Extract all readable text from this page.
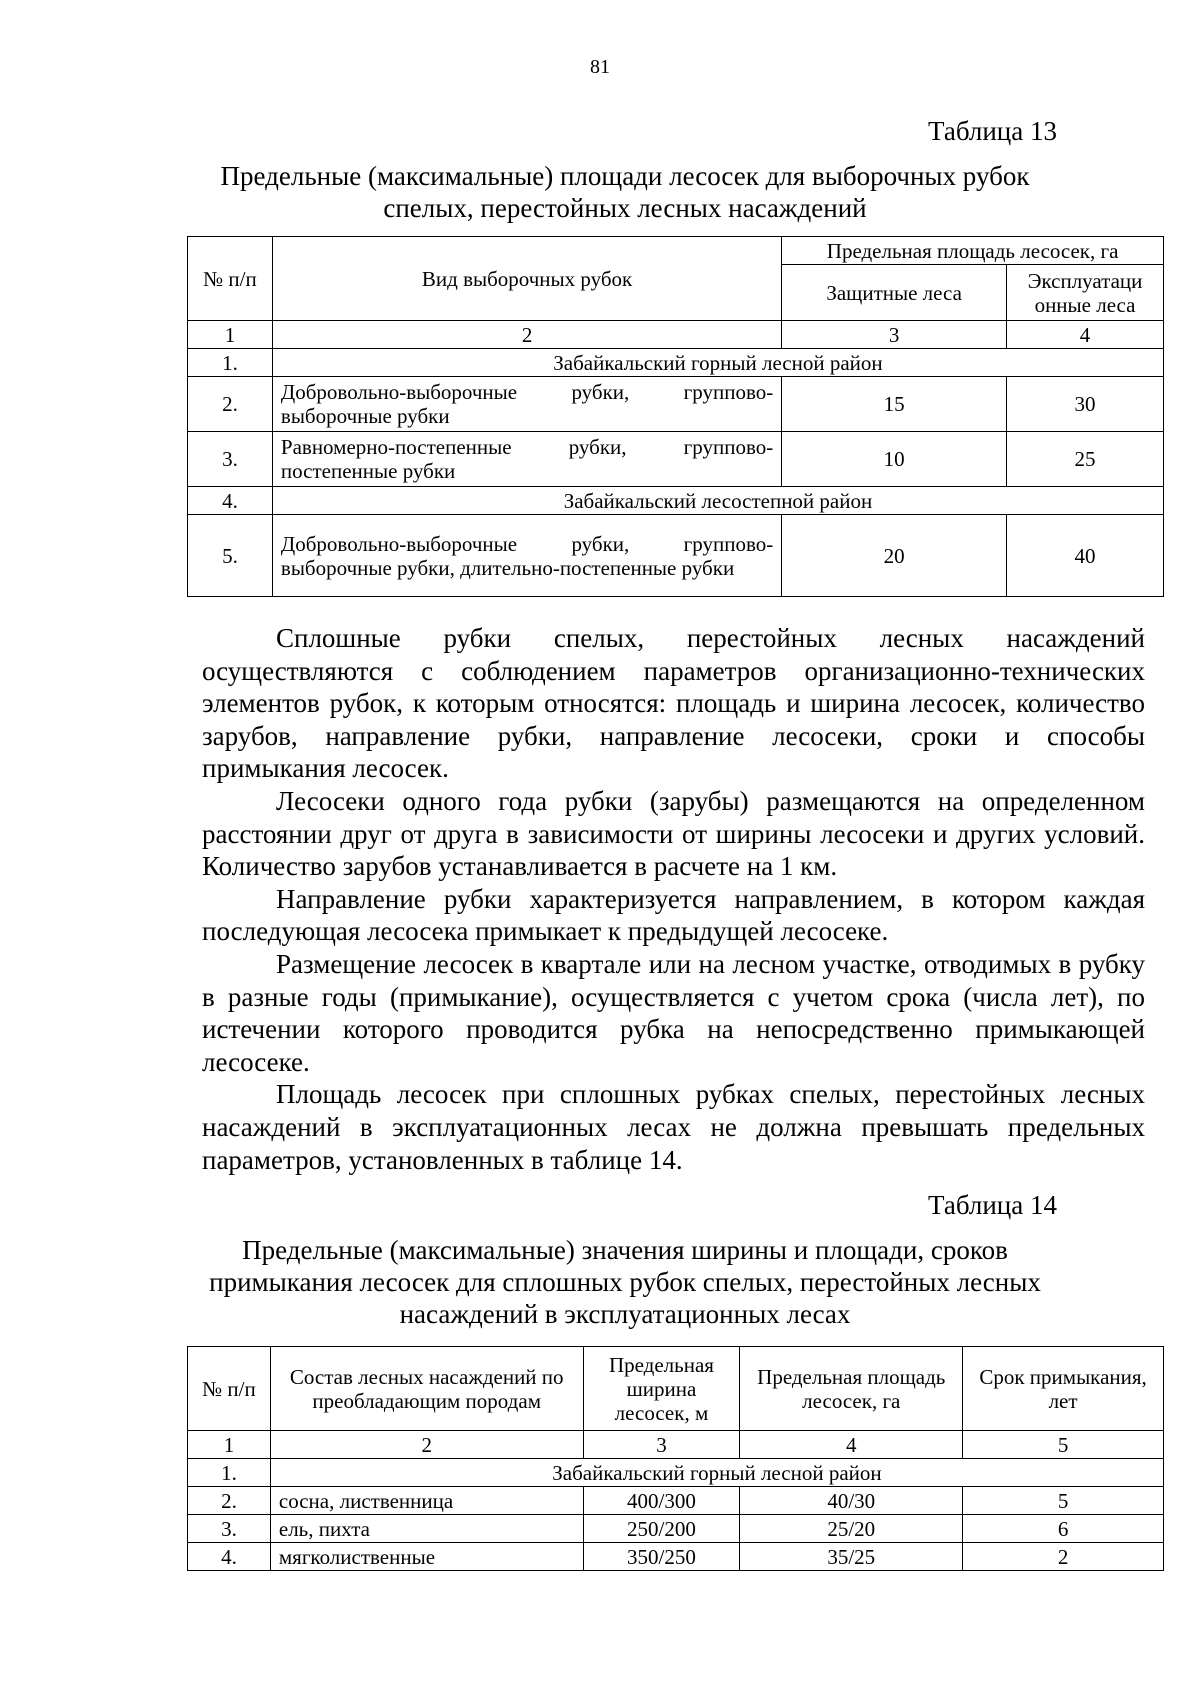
81
Таблица 13
Предельные (максимальные) площади лесосек для выборочных рубок
спелых, перестойных лесных насаждений
№ п/п	Вид выборочных рубок	Предельная площадь лесосек, га	
		Защитные леса	Эксплуатаци онные леса
1	2	3	4
1.	Забайкальский горный лесной район		
2.	Добровольно-выборочные рубки, группово-выборочные рубки	15	30
3.	Равномерно-постепенные рубки, группово-постепенные рубки	10	25
4.	Забайкальский лесостепной район		
5.	Добровольно-выборочные рубки, группово-выборочные рубки, длительно-постепенные рубки	20	40

Сплошные рубки спелых, перестойных лесных насаждений осуществляются с соблюдением параметров организационно-технических элементов рубок, к которым относятся: площадь и ширина лесосек, количество зарубов, направление рубки, направление лесосеки, сроки и способы примыкания лесосек.

Лесосеки одного года рубки (зарубы) размещаются на определенном расстоянии друг от друга в зависимости от ширины лесосеки и других условий. Количество зарубов устанавливается в расчете на 1 км.

Направление рубки характеризуется направлением, в котором каждая последующая лесосека примыкает к предыдущей лесосеке.

Размещение лесосек в квартале или на лесном участке, отводимых в рубку в разные годы (примыкание), осуществляется с учетом срока (числа лет), по истечении которого проводится рубка на непосредственно примыкающей лесосеке.

Площадь лесосек при сплошных рубках спелых, перестойных лесных насаждений в эксплуатационных лесах не должна превышать предельных параметров, установленных в таблице 14.

Таблица 14
Предельные (максимальные) значения ширины и площади, сроков
примыкания лесосек для сплошных рубок спелых, перестойных лесных
насаждений в эксплуатационных лесах
№ п/п	Состав лесных насаждений по преобладающим породам	Предельная ширина лесосек, м	Предельная площадь лесосек, га	Срок примыкания, лет
1	2	3	4	5
1.	Забайкальский горный лесной район			
2.	сосна, лиственница	400/300	40/30	5
3.	ель, пихта	250/200	25/20	6
4.	мягколиственные	350/250	35/25	2
